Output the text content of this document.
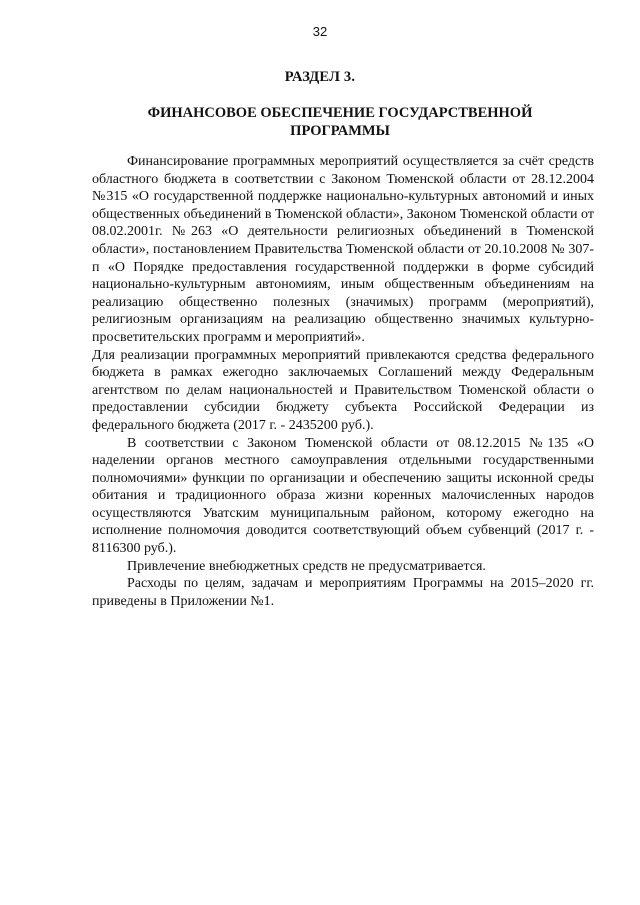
32
РАЗДЕЛ 3.
ФИНАНСОВОЕ ОБЕСПЕЧЕНИЕ ГОСУДАРСТВЕННОЙ ПРОГРАММЫ

Финансирование программных мероприятий осуществляется за счёт средств областного бюджета в соответствии с Законом Тюменской области от 28.12.2004 №315 «О государственной поддержке национально-культурных автономий и иных общественных объединений в Тюменской области», Законом Тюменской области от 08.02.2001г. №263 «О деятельности религиозных объединений в Тюменской области», постановлением Правительства Тюменской области от 20.10.2008 № 307-п «О Порядке предоставления государственной поддержки в форме субсидий национально-культурным автономиям, иным общественным объединениям на реализацию общественно полезных (значимых) программ (мероприятий), религиозным организациям на реализацию общественно значимых культурно-просветительских программ и мероприятий».

Для реализации программных мероприятий привлекаются средства федерального бюджета в рамках ежегодно заключаемых Соглашений между Федеральным агентством по делам национальностей и Правительством Тюменской области о предоставлении субсидии бюджету субъекта Российской Федерации из федерального бюджета (2017 г. - 2435200 руб.).

В соответствии с Законом Тюменской области от 08.12.2015 №135 «О наделении органов местного самоуправления отдельными государственными полномочиями» функции по организации и обеспечению защиты исконной среды обитания и традиционного образа жизни коренных малочисленных народов осуществляются Уватским муниципальным районом, которому ежегодно на исполнение полномочия доводится соответствующий объем субвенций (2017 г. - 8116300 руб.).

Привлечение внебюджетных средств не предусматривается.

Расходы по целям, задачам и мероприятиям Программы на 2015–2020 гг. приведены в Приложении №1.
